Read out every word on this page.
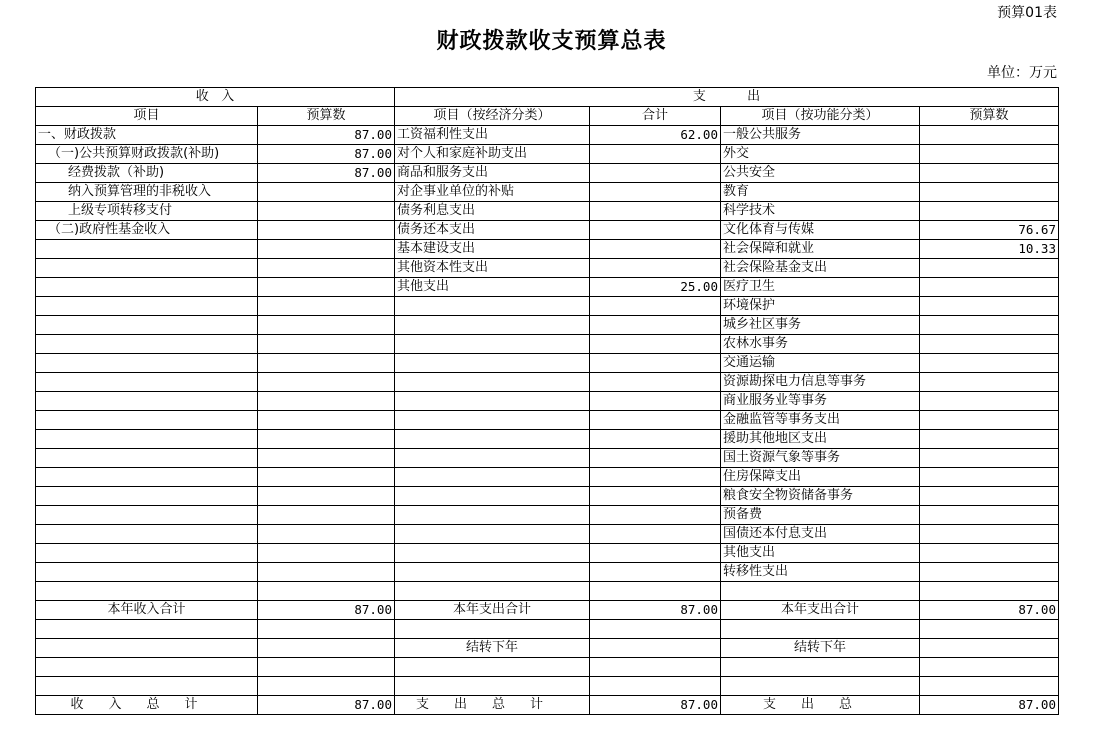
预算01表
财政拨款收支预算总表
单位：万元
收   入		支          出			
项目	预算数	项目（按经济分类）	合计	项目（按功能分类）	预算数
一、财政拨款	87.00	工资福利性支出	62.00	一般公共服务	
（一)公共预算财政拨款(补助)	87.00	对个人和家庭补助支出		外交	
经费拨款（补助)	87.00	商品和服务支出		公共安全	
纳入预算管理的非税收入		对企事业单位的补贴		教育	
上级专项转移支付		债务利息支出		科学技术	
（二)政府性基金收入		债务还本支出		文化体育与传媒	76.67
		基本建设支出		社会保障和就业	10.33
		其他资本性支出		社会保险基金支出	
		其他支出	25.00	医疗卫生	
				环境保护	
				城乡社区事务	
				农林水事务	
				交通运输	
				资源勘探电力信息等事务	
				商业服务业等事务	
				金融监管等事务支出	
				援助其他地区支出	
				国土资源气象等事务	
				住房保障支出	
				粮食安全物资储备事务	
				预备费	
				国债还本付息支出	
				其他支出	
				转移性支出	

本年收入合计	87.00	本年支出合计	87.00	本年支出合计	87.00

		结转下年		结转下年	

收入总计	87.00	支出总计	87.00	支出总	87.00
